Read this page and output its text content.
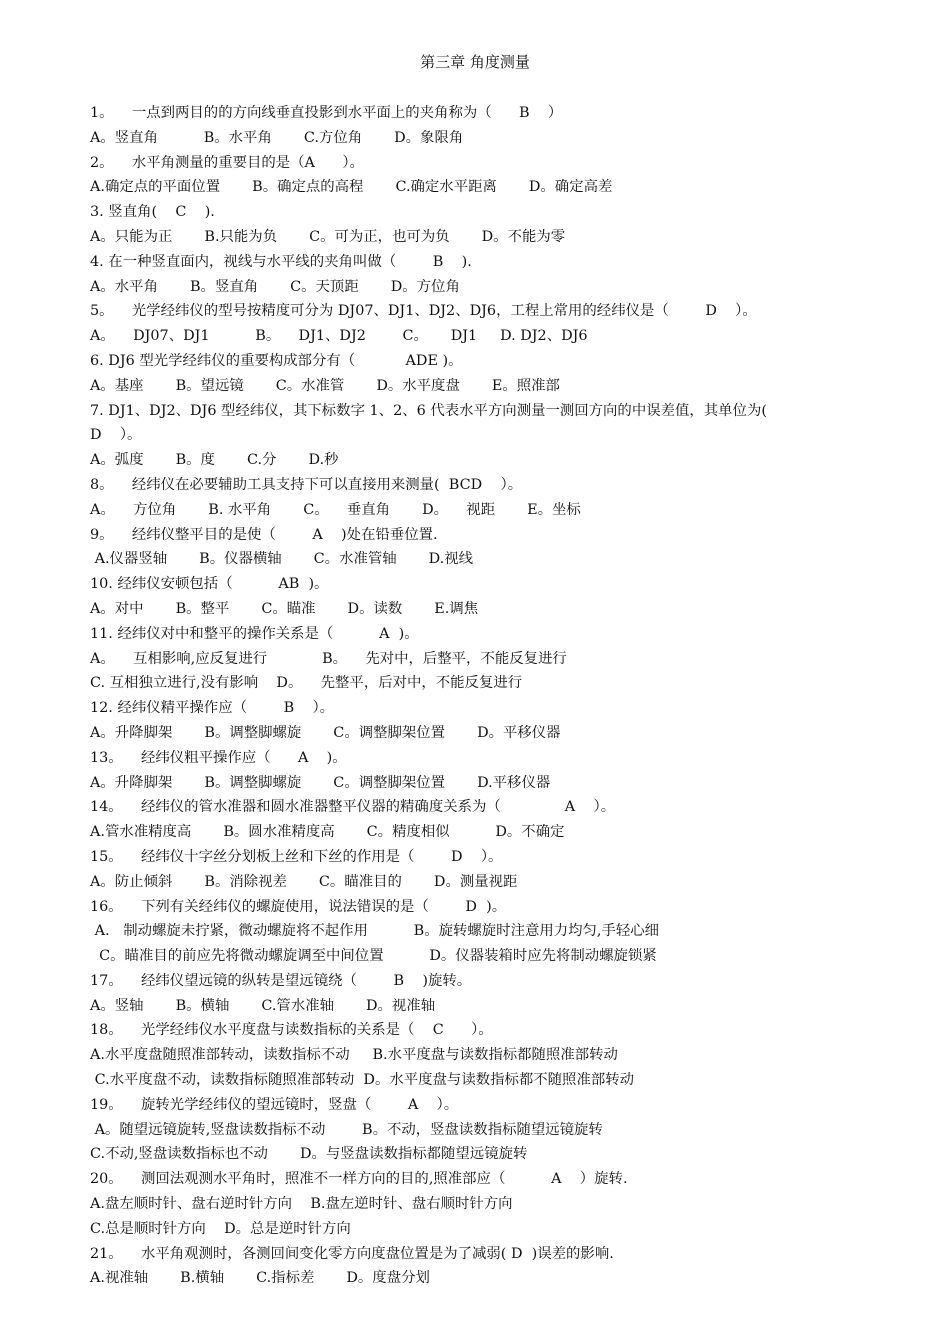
第三章 角度测量
1。    一点到两目的的方向线垂直投影到水平面上的夹角称为（      B    ）
A。竖直角          B。水平角       C.方位角       D。象限角
2。    水平角测量的重要目的是（A      ）。
A.确定点的平面位置       B。确定点的高程       C.确定水平距离       D。确定高差
3. 竖直角(    C    ).
A。只能为正       B.只能为负       C。可为正，也可为负       D。不能为零
4. 在一种竖直面内，视线与水平线的夹角叫做（        B    ).
A。水平角       B。竖直角       C。天顶距       D。方位角
5。    光学经纬仪的型号按精度可分为 DJ07、DJ1、DJ2、DJ6，工程上常用的经纬仪是（        D    ）。
A。    DJ07、DJ1          B。    DJ1、DJ2        C。     DJ1     D. DJ2、DJ6
6. DJ6 型光学经纬仪的重要构成部分有（           ADE )。
A。基座       B。望远镜       C。水准管       D。水平度盘       E。照准部
7. DJ1、DJ2、DJ6 型经纬仪，其下标数字 1、2、6 代表水平方向测量一测回方向的中误差值，其单位为(
D    ）。
A。弧度       B。度       C.分       D.秒
8。    经纬仪在必要辅助工具支持下可以直接用来测量(  BCD    ）。
A。    方位角       B. 水平角       C。    垂直角       D。    视距       E。坐标
9。    经纬仪整平目的是使（        A    )处在铅垂位置.
A.仪器竖轴       B。仪器横轴       C。水准管轴       D.视线
10. 经纬仪安顿包括（          AB  )。
A。对中       B。整平       C。瞄准       D。读数       E.调焦
11. 经纬仪对中和整平的操作关系是（          A  )。
A。    互相影响,应反复进行            B。    先对中，后整平，不能反复进行
C. 互相独立进行,没有影响    D。    先整平，后对中，不能反复进行
12. 经纬仪精平操作应（        B    ）。
A。升降脚架       B。调整脚螺旋       C。调整脚架位置       D。平移仪器
13。    经纬仪粗平操作应（      A    )。
A。升降脚架       B。调整脚螺旋       C。调整脚架位置       D.平移仪器
14。    经纬仪的管水准器和圆水准器整平仪器的精确度关系为（              A    ）。
A.管水准精度高       B。圆水准精度高       C。精度相似          D。不确定
15。    经纬仪十字丝分划板上丝和下丝的作用是（        D    ）。
A。防止倾斜       B。消除视差       C。瞄准目的       D。测量视距
16。    下列有关经纬仪的螺旋使用，说法错误的是（        D  )。
A.   制动螺旋未拧紧，微动螺旋将不起作用          B。旋转螺旋时注意用力均匀,手轻心细
C。瞄准目的前应先将微动螺旋调至中间位置          D。仪器装箱时应先将制动螺旋锁紧
17。    经纬仪望远镜的纵转是望远镜绕（        B    )旋转。
A。竖轴       B。横轴       C.管水准轴       D。视准轴
18。    光学经纬仪水平度盘与读数指标的关系是（    C      ）。
A.水平度盘随照准部转动，读数指标不动     B.水平度盘与读数指标都随照准部转动
C.水平度盘不动，读数指标随照准部转动  D。水平度盘与读数指标都不随照准部转动
19。    旋转光学经纬仪的望远镜时，竖盘（        A    ）。
A。随望远镜旋转,竖盘读数指标不动        B。不动，竖盘读数指标随望远镜旋转
C.不动,竖盘读数指标也不动       D。与竖盘读数指标都随望远镜旋转
20。    测回法观测水平角时，照准不一样方向的目的,照准部应（          A    ）旋转.
A.盘左顺时针、盘右逆时针方向    B.盘左逆时针、盘右顺时针方向
C.总是顺时针方向    D。总是逆时针方向
21。    水平角观测时，各测回间变化零方向度盘位置是为了减弱( D  )误差的影响.
A.视准轴       B.横轴       C.指标差       D。度盘分划
